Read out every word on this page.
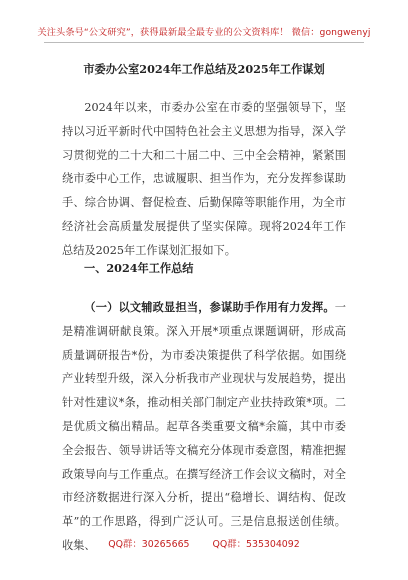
关注头条号“公文研究”，获得最新最全最专业的公文资料库！ 微信：gongwenyj
市委办公室2024年工作总结及2025年工作谋划
2024年以来，市委办公室在市委的坚强领导下，坚持以习近平新时代中国特色社会主义思想为指导，深入学习贯彻党的二十大和二十届二中、三中全会精神，紧紧围绕市委中心工作，忠诚履职、担当作为，充分发挥参谋助手、综合协调、督促检查、后勤保障等职能作用，为全市经济社会高质量发展提供了坚实保障。现将2024年工作总结及2025年工作谋划汇报如下。
一、2024年工作总结
（一）以文辅政显担当，参谋助手作用有力发挥。一是精准调研献良策。深入开展*项重点课题调研，形成高质量调研报告*份，为市委决策提供了科学依据。如围绕产业转型升级，深入分析我市产业现状与发展趋势，提出针对性建议*条，推动相关部门制定产业扶持政策*项。二是优质文稿出精品。起草各类重要文稿*余篇，其中市委全会报告、领导讲话等文稿充分体现市委意图，精准把握政策导向与工作重点。在撰写经济工作会议文稿时，对全市经济数据进行深入分析，提出“稳增长、调结构、促改革”的工作思路，得到广泛认可。三是信息报送创佳绩。收集、	QQ群：30265665 QQ群：535304092
